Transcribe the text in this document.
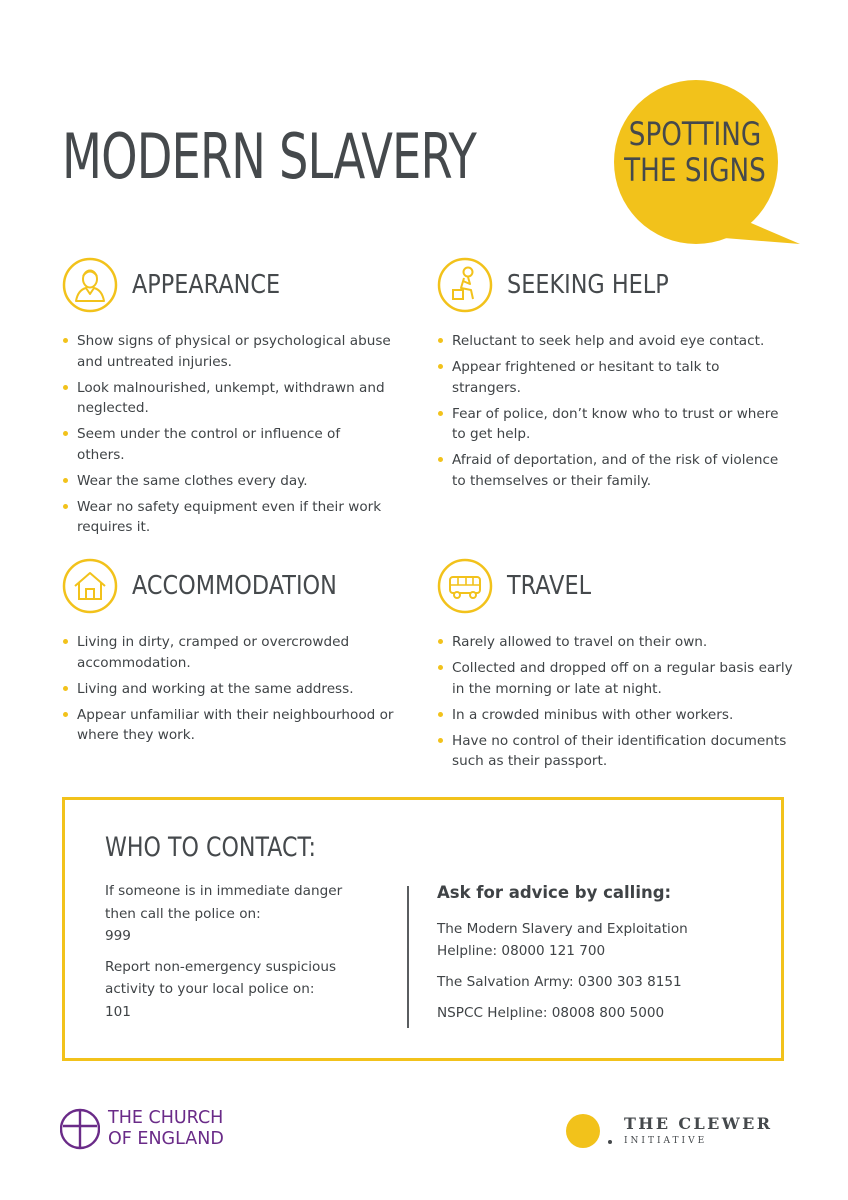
MODERN SLAVERY	SPOTTING
THE SIGNS
APPEARANCE
Show signs of physical or psychological abuse and untreated injuries.
Look malnourished, unkempt, withdrawn and neglected.
Seem under the control or influence of others.
Wear the same clothes every day.
Wear no safety equipment even if their work requires it.
SEEKING HELP
Reluctant to seek help and avoid eye contact.
Appear frightened or hesitant to talk to strangers.
Fear of police, don’t know who to trust or where to get help.
Afraid of deportation, and of the risk of violence to themselves or their family.
ACCOMMODATION
Living in dirty, cramped or overcrowded accommodation.
Living and working at the same address.
Appear unfamiliar with their neighbourhood or where they work.
TRAVEL
Rarely allowed to travel on their own.
Collected and dropped off on a regular basis early in the morning or late at night.
In a crowded minibus with other workers.
Have no control of their identification documents such as their passport.
WHO TO CONTACT:

If someone is in immediate danger then call the police on:
999

Report non-emergency suspicious activity to your local police on:
101

Ask for advice by calling:

The Modern Slavery and Exploitation Helpline: 08000 121 700

The Salvation Army: 0300 303 8151

NSPCC Helpline: 08008 800 5000

THE CHURCH
OF ENGLAND
THE CLEWER
INITIATIVE
